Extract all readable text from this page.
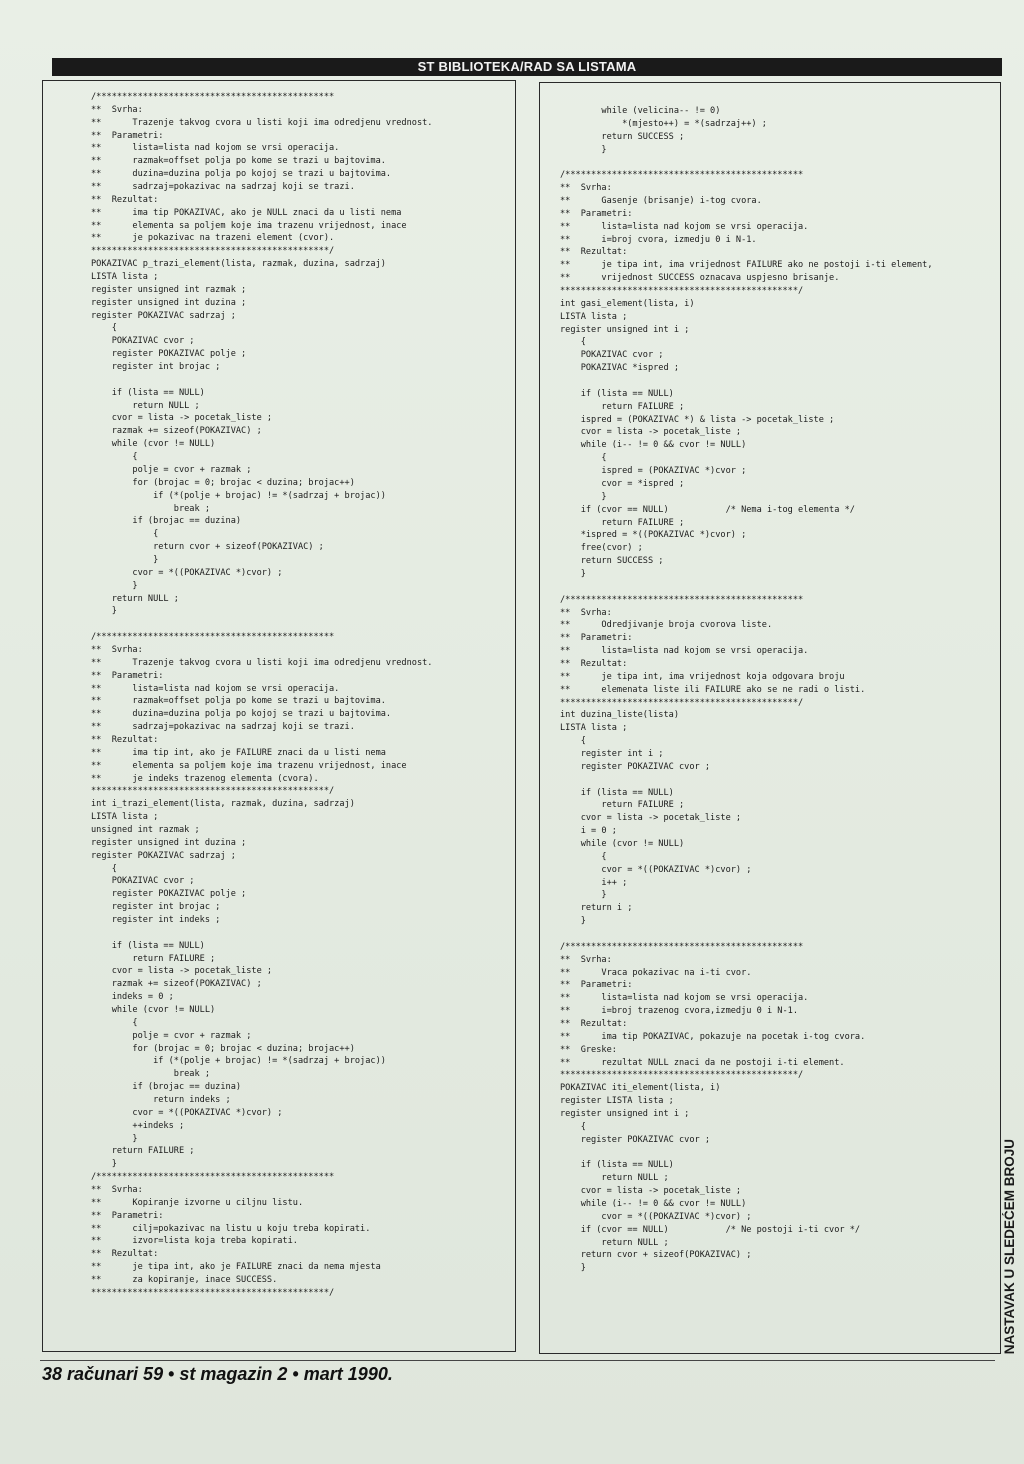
ST BIBLIOTEKA/RAD SA LISTAMA
/**********************************************
**  Svrha:
**      Trazenje takvog cvora u listi koji ima odredjenu vrednost.
**  Parametri:
**      lista=lista nad kojom se vrsi operacija.
**      razmak=offset polja po kome se trazi u bajtovima.
**      duzina=duzina polja po kojoj se trazi u bajtovima.
**      sadrzaj=pokazivac na sadrzaj koji se trazi.
**  Rezultat:
**      ima tip POKAZIVAC, ako je NULL znaci da u listi nema
**      elementa sa poljem koje ima trazenu vrijednost, inace
**      je pokazivac na trazeni element (cvor).
**********************************************/
POKAZIVAC p_trazi_element(lista, razmak, duzina, sadrzaj)
LISTA lista ;
register unsigned int razmak ;
register unsigned int duzina ;
register POKAZIVAC sadrzaj ;
{
POKAZIVAC cvor ;
register POKAZIVAC polje ;
register int brojac ;

if (lista == NULL)
return NULL ;
cvor = lista -> pocetak_liste ;
razmak += sizeof(POKAZIVAC) ;
while (cvor != NULL)
{
polje = cvor + razmak ;
for (brojac = 0; brojac < duzina; brojac++)
if (*(polje + brojac) != *(sadrzaj + brojac))
break ;
if (brojac == duzina)
{
return cvor + sizeof(POKAZIVAC) ;
}
cvor = *((POKAZIVAC *)cvor) ;
}
return NULL ;
}

/**********************************************
**  Svrha:
**      Trazenje takvog cvora u listi koji ima odredjenu vrednost.
**  Parametri:
**      lista=lista nad kojom se vrsi operacija.
**      razmak=offset polja po kome se trazi u bajtovima.
**      duzina=duzina polja po kojoj se trazi u bajtovima.
**      sadrzaj=pokazivac na sadrzaj koji se trazi.
**  Rezultat:
**      ima tip int, ako je FAILURE znaci da u listi nema
**      elementa sa poljem koje ima trazenu vrijednost, inace
**      je indeks trazenog elementa (cvora).
**********************************************/
int i_trazi_element(lista, razmak, duzina, sadrzaj)
LISTA lista ;
unsigned int razmak ;
register unsigned int duzina ;
register POKAZIVAC sadrzaj ;
{
POKAZIVAC cvor ;
register POKAZIVAC polje ;
register int brojac ;
register int indeks ;

if (lista == NULL)
return FAILURE ;
cvor = lista -> pocetak_liste ;
razmak += sizeof(POKAZIVAC) ;
indeks = 0 ;
while (cvor != NULL)
{
polje = cvor + razmak ;
for (brojac = 0; brojac < duzina; brojac++)
if (*(polje + brojac) != *(sadrzaj + brojac))
break ;
if (brojac == duzina)
return indeks ;
cvor = *((POKAZIVAC *)cvor) ;
++indeks ;
}
return FAILURE ;
}
/**********************************************
**  Svrha:
**      Kopiranje izvorne u ciljnu listu.
**  Parametri:
**      cilj=pokazivac na listu u koju treba kopirati.
**      izvor=lista koja treba kopirati.
**  Rezultat:
**      je tipa int, ako je FAILURE znaci da nema mjesta
**      za kopiranje, inace SUCCESS.
**********************************************/
while (velicina-- != 0)
*(mjesto++) = *(sadrzaj++) ;
return SUCCESS ;
}

/**********************************************
**  Svrha:
**      Gasenje (brisanje) i-tog cvora.
**  Parametri:
**      lista=lista nad kojom se vrsi operacija.
**      i=broj cvora, izmedju 0 i N-1.
**  Rezultat:
**      je tipa int, ima vrijednost FAILURE ako ne postoji i-ti element,
**      vrijednost SUCCESS oznacava uspjesno brisanje.
**********************************************/
int gasi_element(lista, i)
LISTA lista ;
register unsigned int i ;
{
POKAZIVAC cvor ;
POKAZIVAC *ispred ;

if (lista == NULL)
return FAILURE ;
ispred = (POKAZIVAC *) & lista -> pocetak_liste ;
cvor = lista -> pocetak_liste ;
while (i-- != 0 && cvor != NULL)
{
ispred = (POKAZIVAC *)cvor ;
cvor = *ispred ;
}
if (cvor == NULL)           /* Nema i-tog elementa */
return FAILURE ;
*ispred = *((POKAZIVAC *)cvor) ;
free(cvor) ;
return SUCCESS ;
}

/**********************************************
**  Svrha:
**      Odredjivanje broja cvorova liste.
**  Parametri:
**      lista=lista nad kojom se vrsi operacija.
**  Rezultat:
**      je tipa int, ima vrijednost koja odgovara broju
**      elemenata liste ili FAILURE ako se ne radi o listi.
**********************************************/
int duzina_liste(lista)
LISTA lista ;
{
register int i ;
register POKAZIVAC cvor ;

if (lista == NULL)
return FAILURE ;
cvor = lista -> pocetak_liste ;
i = 0 ;
while (cvor != NULL)
{
cvor = *((POKAZIVAC *)cvor) ;
i++ ;
}
return i ;
}

/**********************************************
**  Svrha:
**      Vraca pokazivac na i-ti cvor.
**  Parametri:
**      lista=lista nad kojom se vrsi operacija.
**      i=broj trazenog cvora,izmedju 0 i N-1.
**  Rezultat:
**      ima tip POKAZIVAC, pokazuje na pocetak i-tog cvora.
**  Greske:
**      rezultat NULL znaci da ne postoji i-ti element.
**********************************************/
POKAZIVAC iti_element(lista, i)
register LISTA lista ;
register unsigned int i ;
{
register POKAZIVAC cvor ;

if (lista == NULL)
return NULL ;
cvor = lista -> pocetak_liste ;
while (i-- != 0 && cvor != NULL)
cvor = *((POKAZIVAC *)cvor) ;
if (cvor == NULL)           /* Ne postoji i-ti cvor */
return NULL ;
return cvor + sizeof(POKAZIVAC) ;
}	NASTAVAK U SLEDEĆEM BROJU
38 računari 59 • st magazin 2 • mart 1990.
